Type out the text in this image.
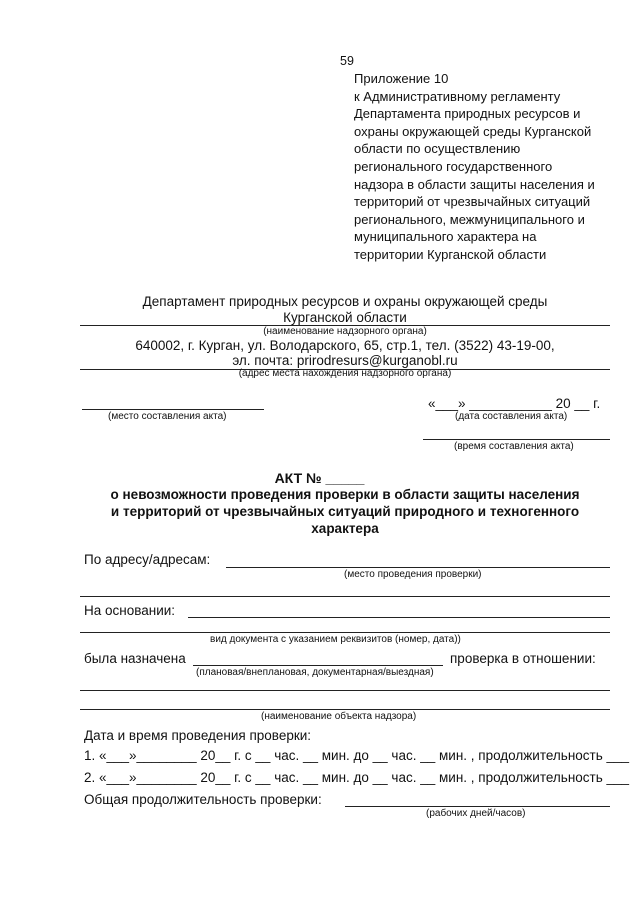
59
Приложение 10
к Административному регламенту
Департамента природных ресурсов и
охраны окружающей среды Курганской
области по осуществлению
регионального государственного
надзора в области защиты населения и
территорий от чрезвычайных ситуаций
регионального, межмуниципального и
муниципального характера на
территории Курганской области
Департамент природных ресурсов и охраны окружающей среды
Курганской области
(наименование надзорного органа)
640002, г. Курган, ул. Володарского, 65, стр.1, тел. (3522) 43-19-00,
эл. почта: prirodresurs@kurganobl.ru
(адрес места нахождения надзорного органа)
(место составления акта)
«___» ___________ 20 __ г.
(дата составления акта)
(время составления акта)
АКТ № _____
о невозможности проведения проверки в области защиты населения
и территорий от чрезвычайных ситуаций природного и техногенного
характера
По адресу/адресам:
(место проведения проверки)
На основании:
вид документа с указанием реквизитов (номер, дата))
была назначена	проверка в отношении:
(плановая/внеплановая, документарная/выездная)
(наименование объекта надзора)
Дата и время проведения проверки:
1. «___»________ 20__ г. с __ час. __ мин. до __ час. __ мин. , продолжительность ___
2. «___»________ 20__ г. с __ час. __ мин. до __ час. __ мин. , продолжительность ___
Общая продолжительность проверки:
(рабочих дней/часов)
